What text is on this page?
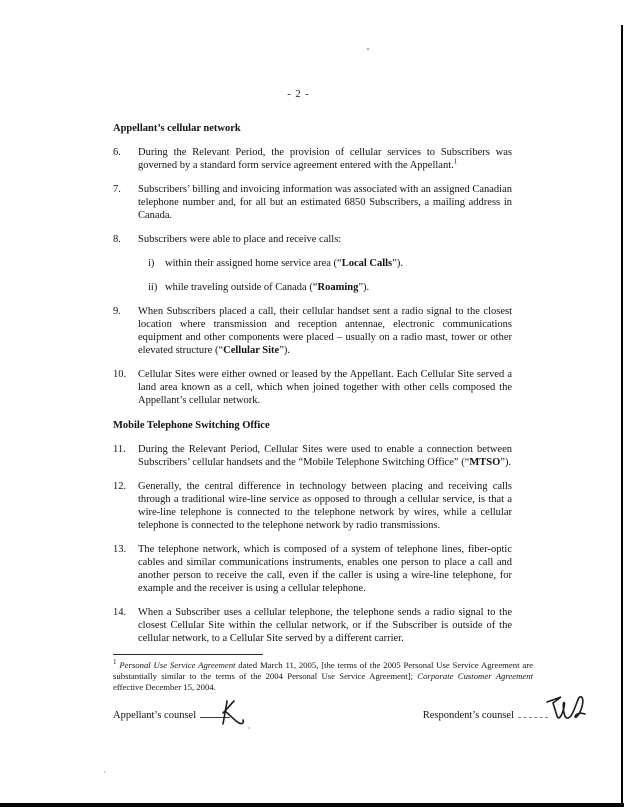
- 2 -
Appellant’s cellular network
6.	During the Relevant Period, the provision of cellular services to Subscribers was governed by a standard form service agreement entered with the Appellant.$^1$
7.	Subscribers’ billing and invoicing information was associated with an assigned Canadian telephone number and, for all but an estimated 6850 Subscribers, a mailing address in Canada.
8.	Subscribers were able to place and receive calls:
i)	within their assigned home service area (“Local Calls”).
ii) while traveling outside of Canada (“Roaming”).
9.	When Subscribers placed a call, their cellular handset sent a radio signal to the closest location where transmission and reception antennae, electronic communications equipment and other components were placed – usually on a radio mast, tower or other elevated structure (“Cellular Site”).
10.	Cellular Sites were either owned or leased by the Appellant. Each Cellular Site served a land area known as a cell, which when joined together with other cells composed the Appellant’s cellular network.
Mobile Telephone Switching Office
11.	During the Relevant Period, Cellular Sites were used to enable a connection between Subscribers’ cellular handsets and the “Mobile Telephone Switching Office” (“MTSO”).
12.	Generally, the central difference in technology between placing and receiving calls through a traditional wire-line service as opposed to through a cellular service, is that a wire-line telephone is connected to the telephone network by wires, while a cellular telephone is connected to the telephone network by radio transmissions.
13.	The telephone network, which is composed of a system of telephone lines, fiber-optic cables and similar communications instruments, enables one person to place a call and another person to receive the call, even if the caller is using a wire-line telephone, for example and the receiver is using a cellular telephone.
14.	When a Subscriber uses a cellular telephone, the telephone sends a radio signal to the closest Cellular Site within the cellular network, or if the Subscriber is outside of the cellular network, to a Cellular Site served by a different carrier.
$^1$ Personal Use Service Agreement dated March 11, 2005, [the terms of the 2005 Personal Use Service Agreement are substantially similar to the terms of the 2004 Personal Use Service Agreement]; Corporate Customer Agreement effective December 15, 2004.
Appellant’s counsel	Respondent’s counsel
